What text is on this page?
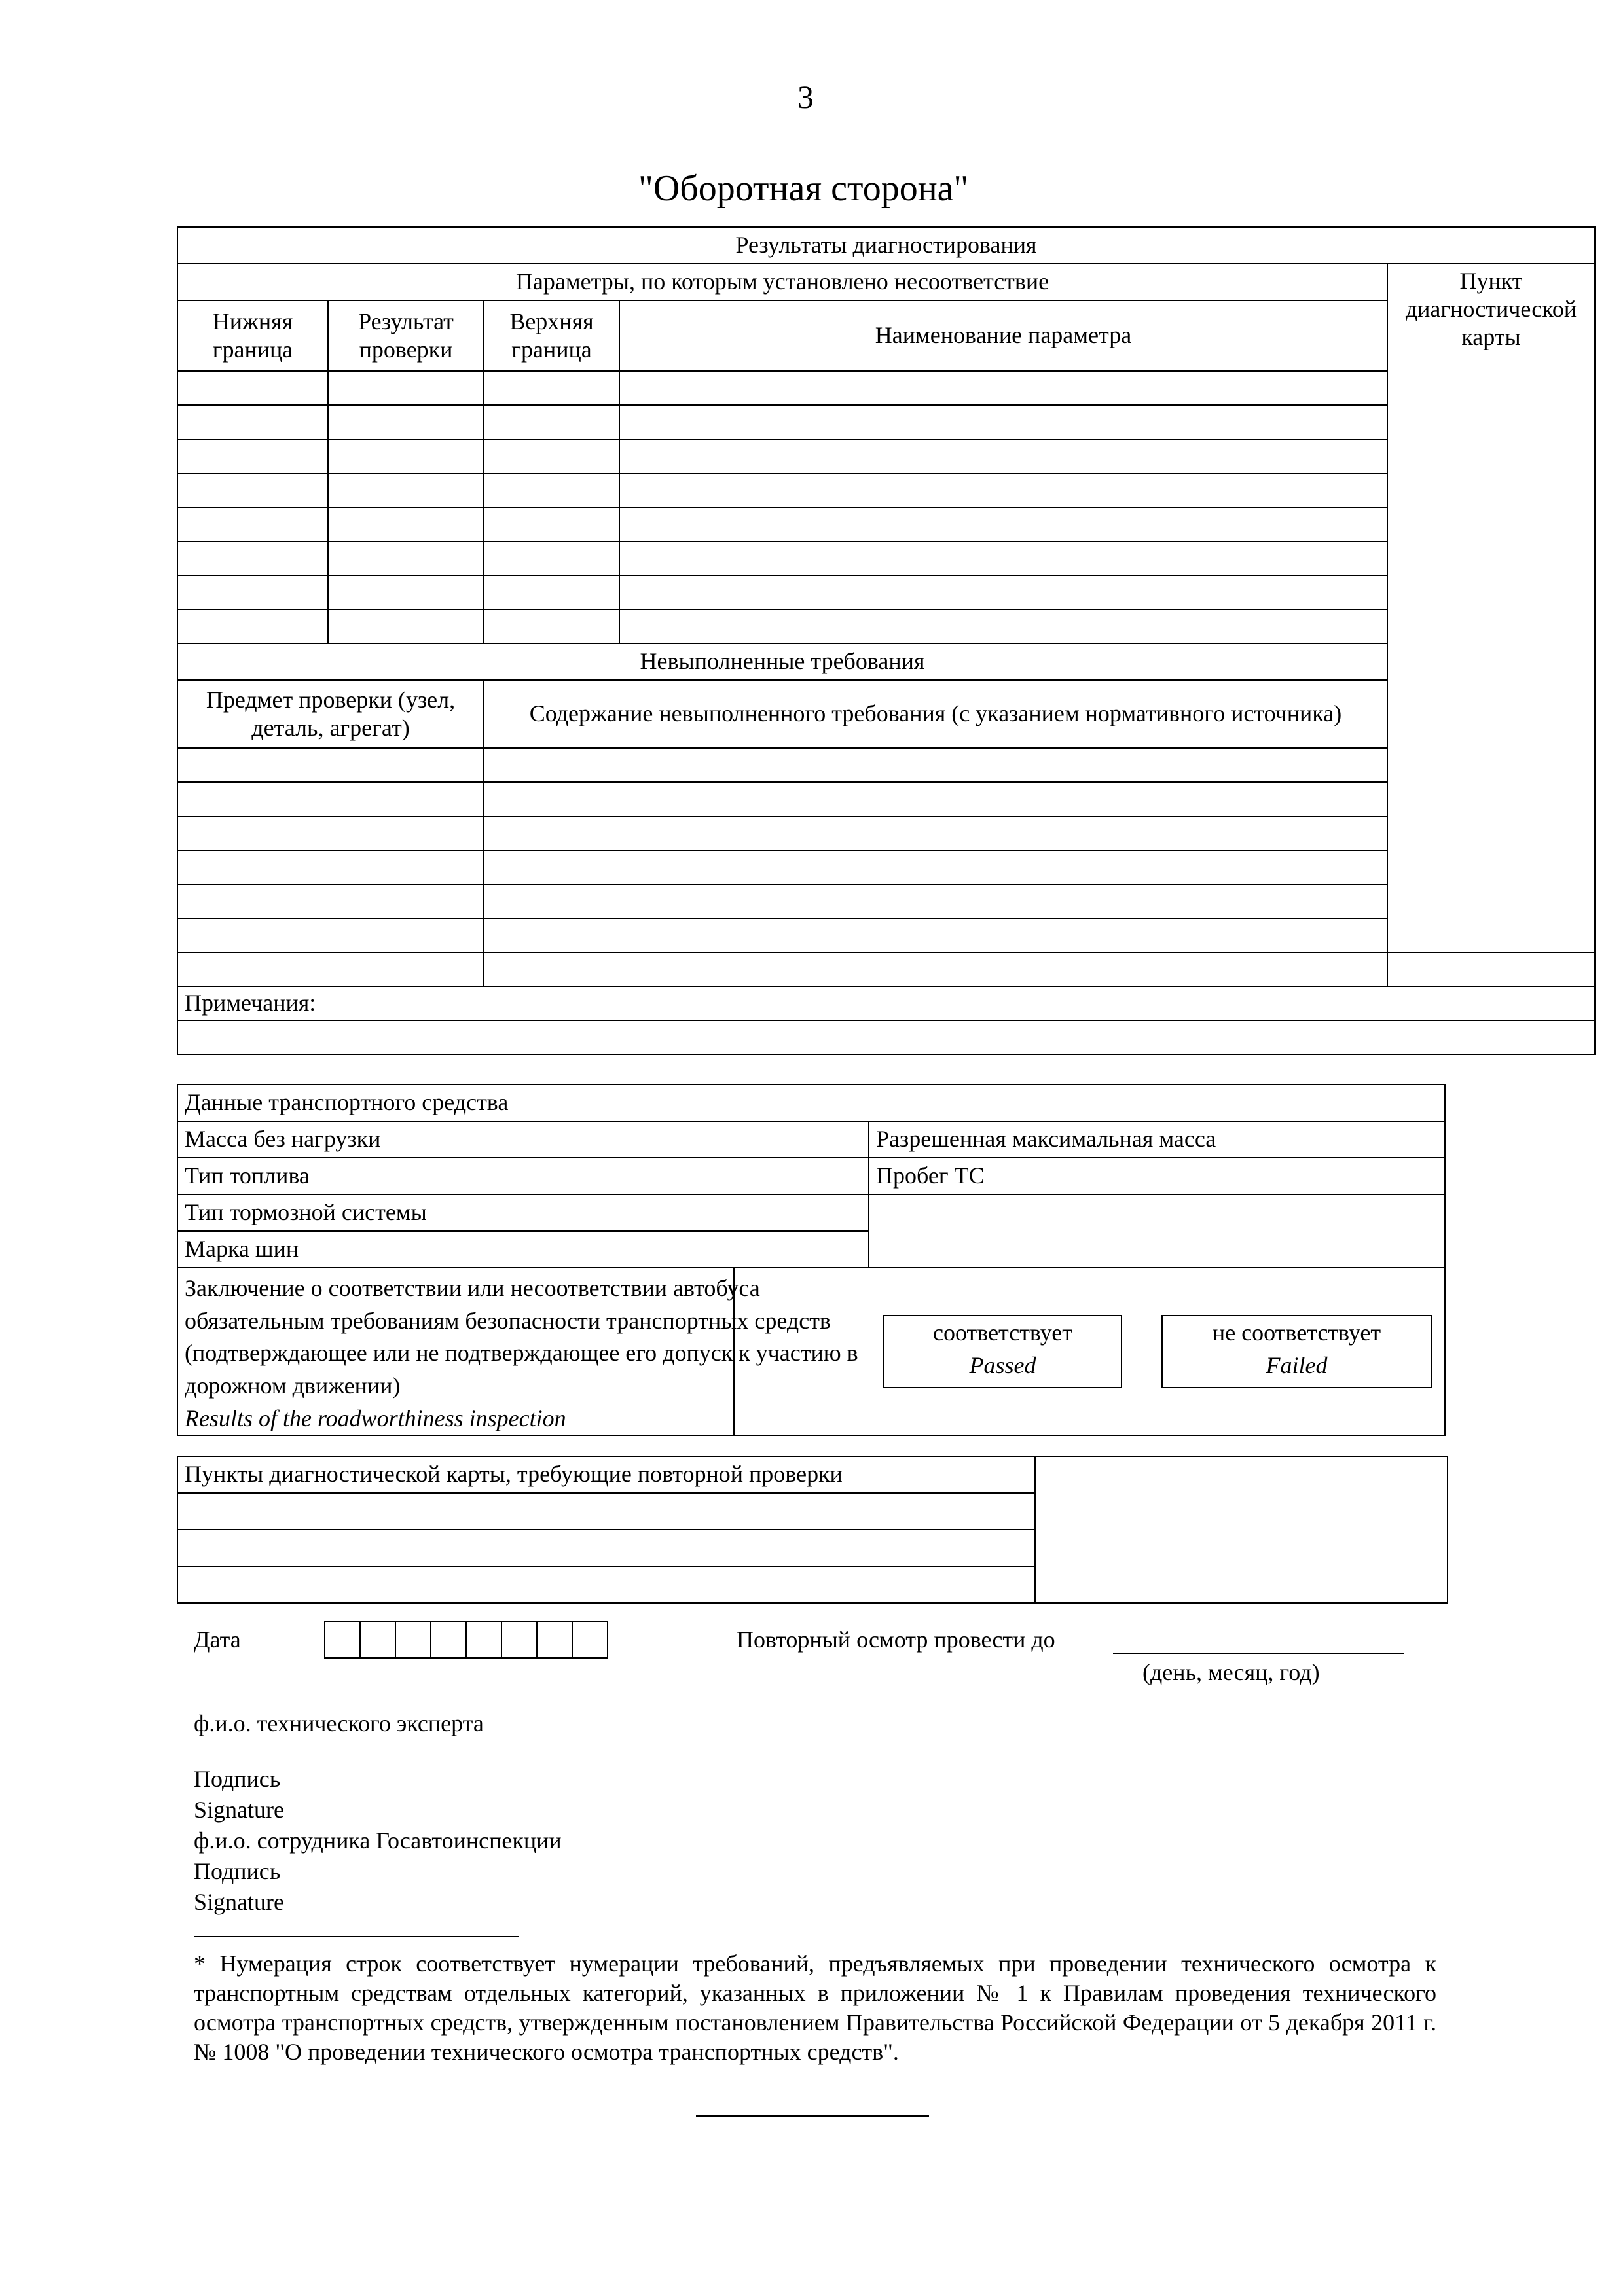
3
"Оборотная сторона"
Результаты диагностирования					
Параметры, по которым установлено несоответствие				Пункт диагностической карты	
Нижняя граница	Результат проверки	Верхняя граница	Наименование параметра		

Невыполненные требования					
Предмет проверки (узел, деталь, агрегат)		Содержание невыполненного требования (с указанием нормативного источника)			

Примечания:					

Данные транспортного средства		
Масса без нагрузки		Разрешенная максимальная масса
Тип топлива		Пробег ТС
Тип тормозной системы		
Марка шин		

Заключение о соответствии или несоответствии автобуса обязательным требованиям безопасности транспортных средств (подтверждающее или не подтверждающее его допуск к участию в дорожном движении)
Results of the roadworthiness inspection		

соответствует
Passed
не соответствует
Failed
Пункты диагностической карты, требующие повторной проверки	

Дата	Повторный осмотр провести до
(день, месяц, год)
ф.и.о. технического эксперта
Подпись
Signature
ф.и.о. сотрудника Госавтоинспекции
Подпись
Signature
* Нумерация строк соответствует нумерации требований, предъявляемых при проведении технического осмотра к транспортным средствам отдельных категорий, указанных в приложении № 1 к Правилам проведения технического осмотра транспортных средств, утвержденным постановлением Правительства Российской Федерации от 5 декабря 2011 г. № 1008 "О проведении технического осмотра транспортных средств".
